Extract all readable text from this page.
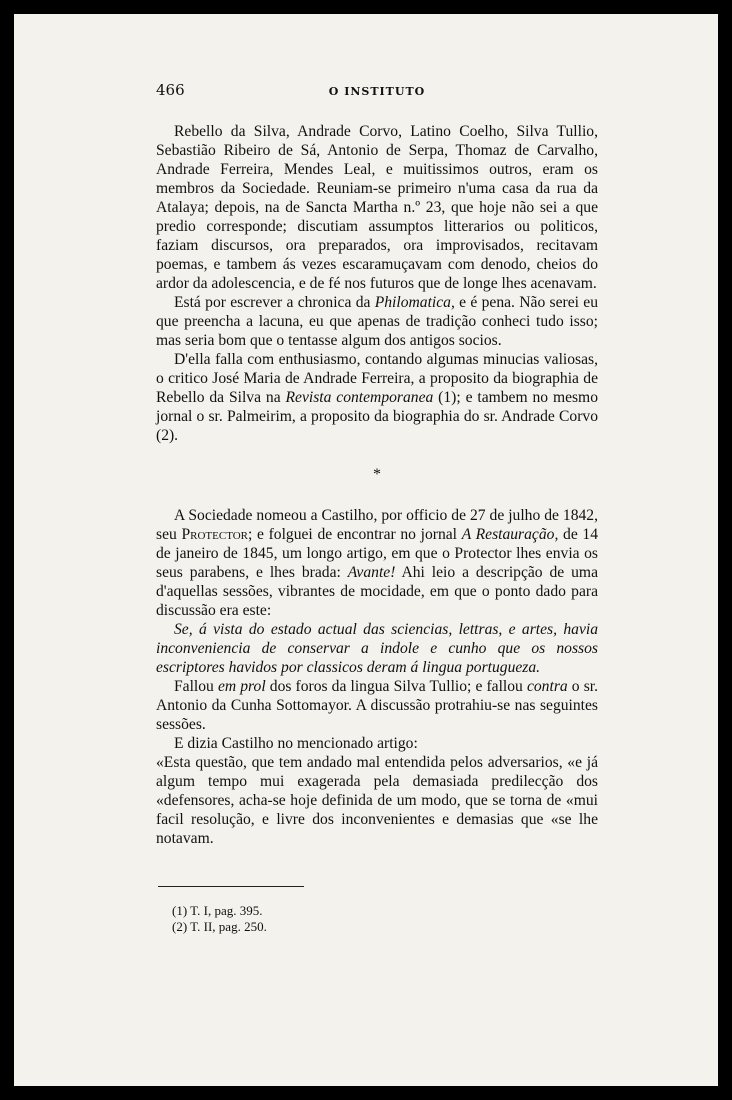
466	O INSTITUTO

Rebello da Silva, Andrade Corvo, Latino Coelho, Silva Tullio, Sebastião Ribeiro de Sá, Antonio de Serpa, Thomaz de Carvalho, Andrade Ferreira, Mendes Leal, e muitissimos outros, eram os membros da Sociedade. Reuniam-se primeiro n'uma casa da rua da Atalaya; depois, na de Sancta Martha n.º 23, que hoje não sei a que predio corresponde; discutiam assumptos litterarios ou politicos, faziam discursos, ora preparados, ora improvisados, recitavam poemas, e tambem ás vezes escaramuçavam com denodo, cheios do ardor da adolescencia, e de fé nos futuros que de longe lhes acenavam.

Está por escrever a chronica da Philomatica, e é pena. Não serei eu que preencha a lacuna, eu que apenas de tradição conheci tudo isso; mas seria bom que o tentasse algum dos antigos socios.

D'ella falla com enthusiasmo, contando algumas minucias valiosas, o critico José Maria de Andrade Ferreira, a proposito da biographia de Rebello da Silva na Revista contemporanea (1); e tambem no mesmo jornal o sr. Palmeirim, a proposito da biographia do sr. Andrade Corvo (2).

*

A Sociedade nomeou a Castilho, por officio de 27 de julho de 1842, seu Protector; e folguei de encontrar no jornal A Restauração, de 14 de janeiro de 1845, um longo artigo, em que o Protector lhes envia os seus parabens, e lhes brada: Avante! Ahi leio a descripção de uma d'aquellas sessões, vibrantes de mocidade, em que o ponto dado para discussão era este:

Se, á vista do estado actual das sciencias, lettras, e artes, havia inconveniencia de conservar a indole e cunho que os nossos escriptores havidos por classicos deram á lingua portugueza.

Fallou em prol dos foros da lingua Silva Tullio; e fallou contra o sr. Antonio da Cunha Sottomayor. A discussão protrahiu-se nas seguintes sessões.

E dizia Castilho no mencionado artigo:

«Esta questão, que tem andado mal entendida pelos adversarios, «e já algum tempo mui exagerada pela demasiada predilecção dos «defensores, acha-se hoje definida de um modo, que se torna de «mui facil resolução, e livre dos inconvenientes e demasias que «se lhe notavam.

(1) T. I, pag. 395.
(2) T. II, pag. 250.
